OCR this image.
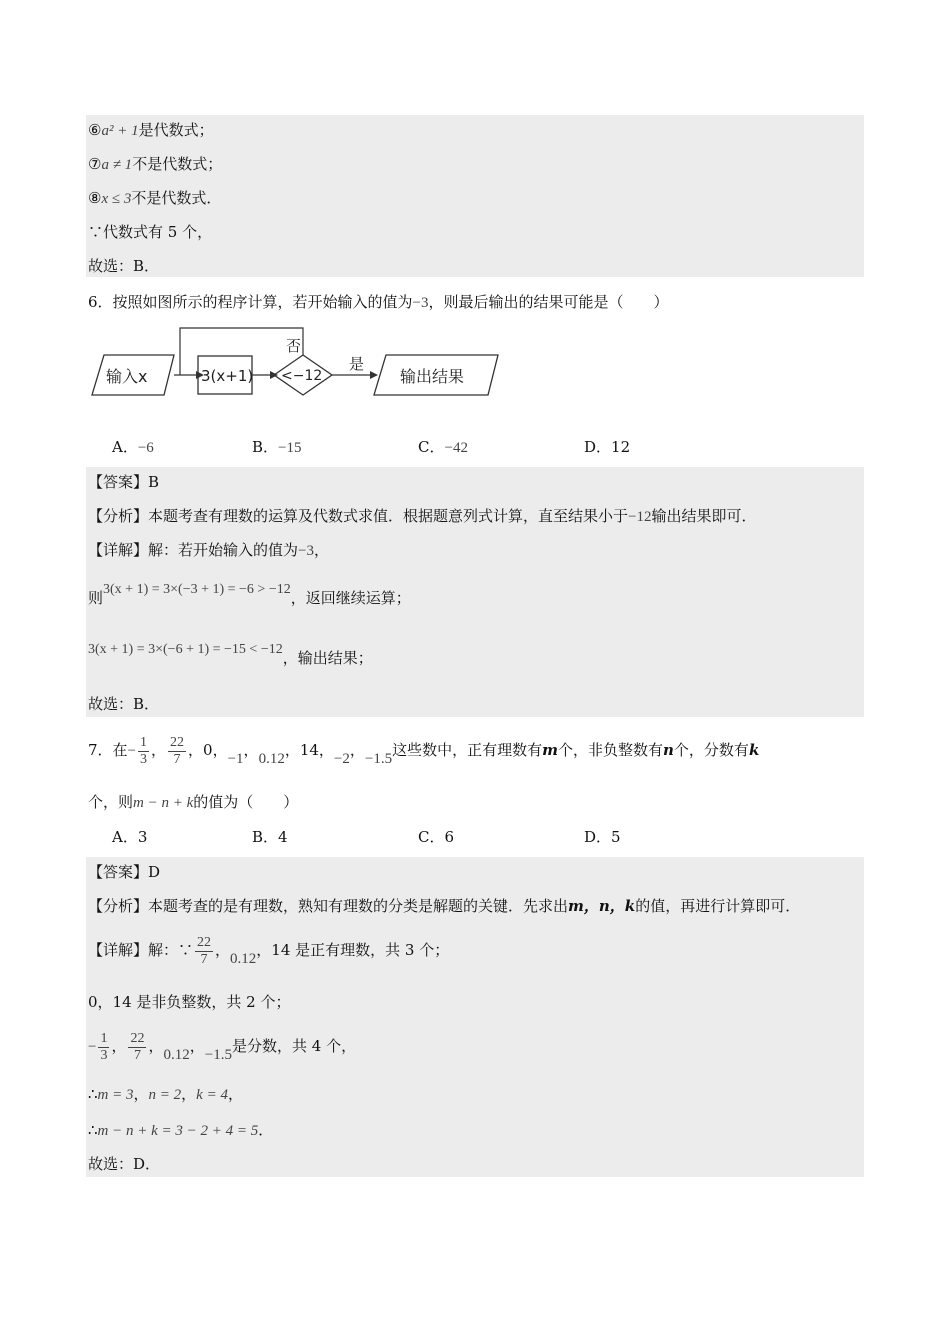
⑥a² + 1是代数式；
⑦a ≠ 1不是代数式；
⑧x ≤ 3不是代数式．
∵代数式有 5 个，
故选：B．
6．按照如图所示的程序计算，若开始输入的值为−3，则最后输出的结果可能是（　　）
输入x	3(x+1) <−12
否
是
输出结果
A．−6	B．−15	C．−42	D．12
【答案】B
【分析】本题考查有理数的运算及代数式求值．根据题意列式计算，直至结果小于−12输出结果即可．
【详解】解：若开始输入的值为−3，
则3(x + 1) = 3×(−3 + 1) = −6 > −12，返回继续运算；
3(x + 1) = 3×(−6 + 1) = −15 < −12，输出结果；
故选：B．
7．在− $\frac{1}{3}$ ， $\frac{22}{7}$ ，0，−1，0.12，14，−2，−1.5这些数中，正有理数有m个，非负整数有n个，分数有k
个，则m − n + k的值为（　　）
A．3	B．4	C．6	D．5
【答案】D
【分析】本题考查的是有理数，熟知有理数的分类是解题的关键．先求出m，n，k的值，再进行计算即可．
【详解】解：∵ $\frac{22}{7}$ ，0.12，14 是正有理数，共 3 个；
0，14 是非负整数，共 2 个；
− $\frac{1}{3}$ ， $\frac{22}{7}$ ，0.12，−1.5是分数，共 4 个，
∴m = 3，n = 2，k = 4，
∴m − n + k = 3 − 2 + 4 = 5．
故选：D．
